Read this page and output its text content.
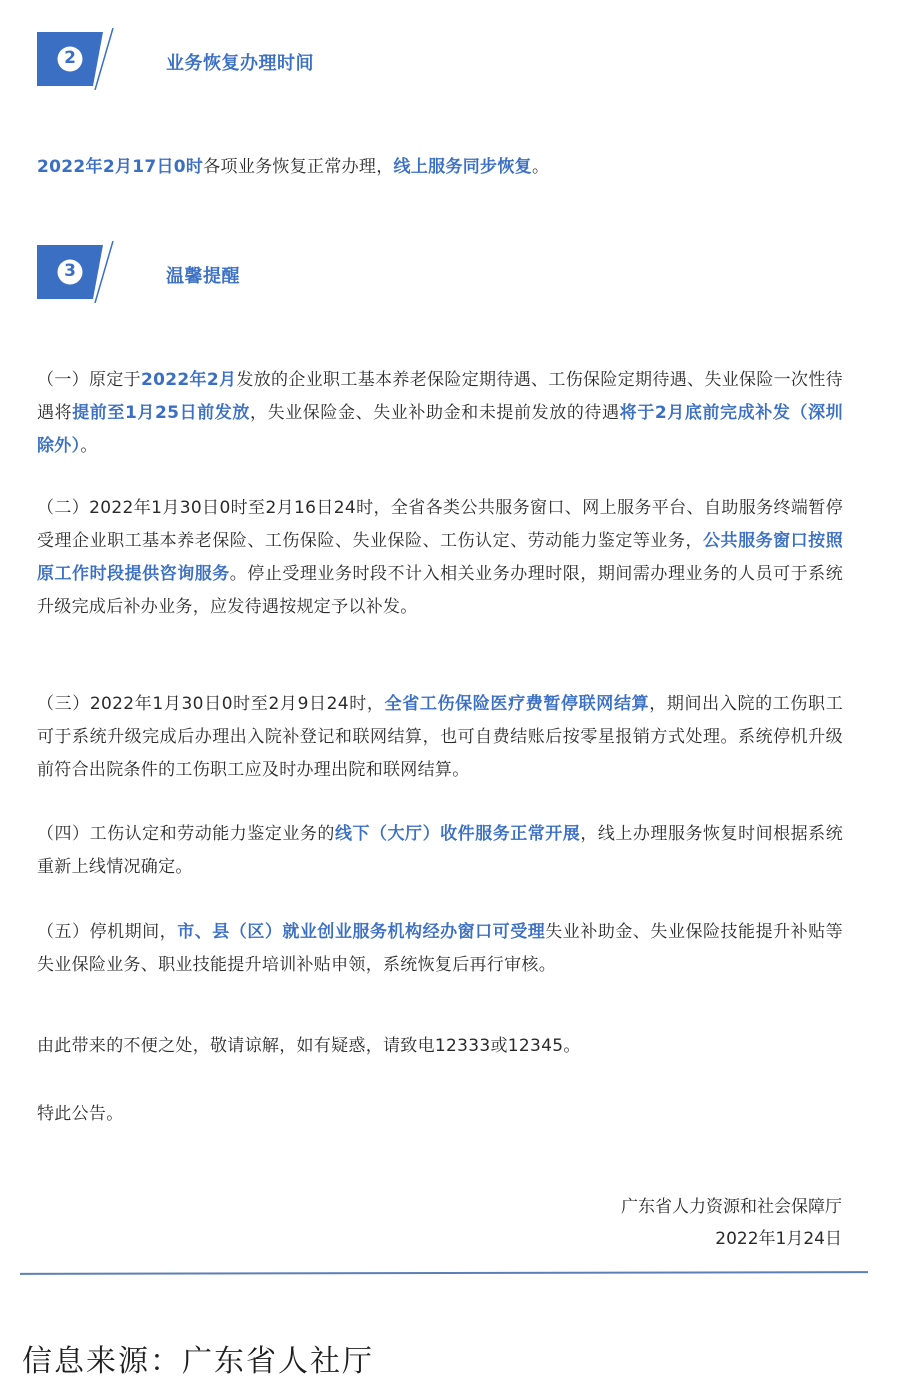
2	业务恢复办理时间
2022年2月17日0时各项业务恢复正常办理，线上服务同步恢复。
3	温馨提醒
（一）原定于2022年2月发放的企业职工基本养老保险定期待遇、工伤保险定期待遇、失业保险一次性待遇将提前至1月25日前发放，失业保险金、失业补助金和未提前发放的待遇将于2月底前完成补发（深圳除外）。
（二）2022年1月30日0时至2月16日24时，全省各类公共服务窗口、网上服务平台、自助服务终端暂停受理企业职工基本养老保险、工伤保险、失业保险、工伤认定、劳动能力鉴定等业务，公共服务窗口按照原工作时段提供咨询服务。停止受理业务时段不计入相关业务办理时限，期间需办理业务的人员可于系统升级完成后补办业务，应发待遇按规定予以补发。
（三）2022年1月30日0时至2月9日24时，全省工伤保险医疗费暂停联网结算，期间出入院的工伤职工可于系统升级完成后办理出入院补登记和联网结算，也可自费结账后按零星报销方式处理。系统停机升级前符合出院条件的工伤职工应及时办理出院和联网结算。
（四）工伤认定和劳动能力鉴定业务的线下（大厅）收件服务正常开展，线上办理服务恢复时间根据系统重新上线情况确定。
（五）停机期间，市、县（区）就业创业服务机构经办窗口可受理失业补助金、失业保险技能提升补贴等失业保险业务、职业技能提升培训补贴申领，系统恢复后再行审核。
由此带来的不便之处，敬请谅解，如有疑惑，请致电12333或12345。
特此公告。
广东省人力资源和社会保障厅
2022年1月24日
信息来源：广东省人社厅
